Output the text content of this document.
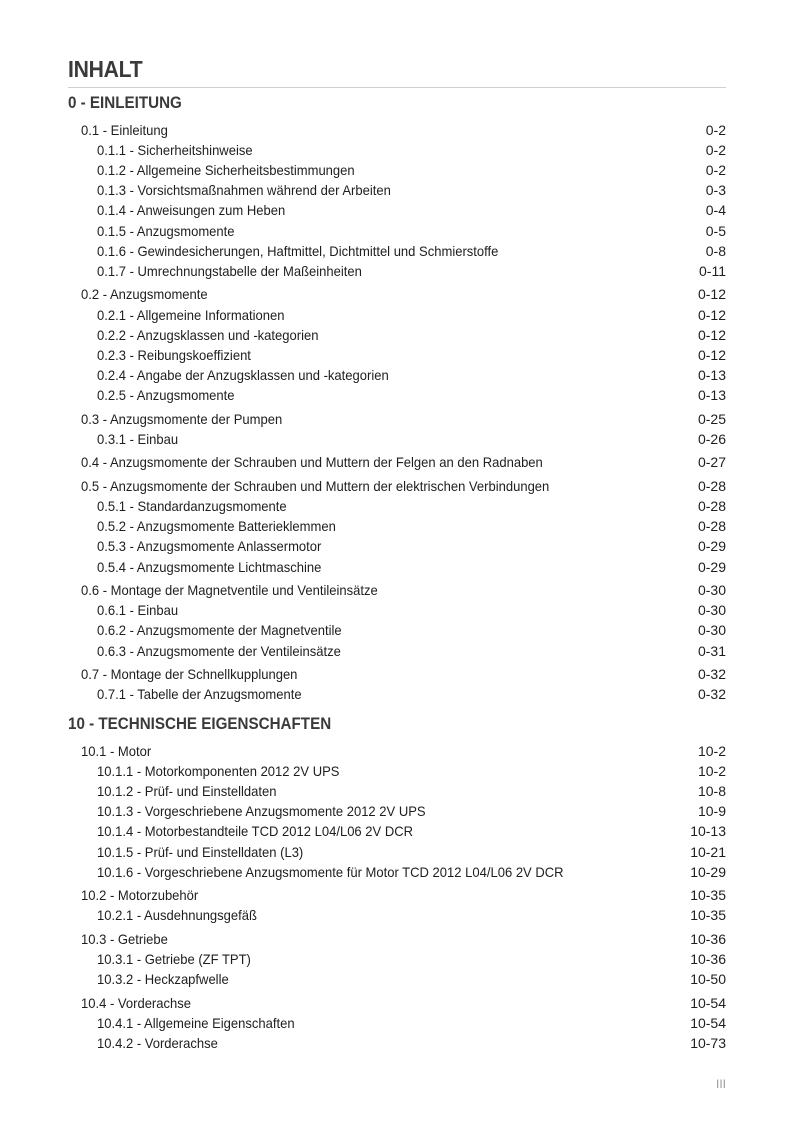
INHALT
0 - EINLEITUNG
0.1 - Einleitung	0-2
0.1.1 - Sicherheitshinweise	0-2
0.1.2 - Allgemeine Sicherheitsbestimmungen	0-2
0.1.3 - Vorsichtsmaßnahmen während der Arbeiten	0-3
0.1.4 - Anweisungen zum Heben	0-4
0.1.5 - Anzugsmomente	0-5
0.1.6 - Gewindesicherungen, Haftmittel, Dichtmittel und Schmierstoffe	0-8
0.1.7 - Umrechnungstabelle der Maßeinheiten	0-11
0.2 - Anzugsmomente	0-12
0.2.1 - Allgemeine Informationen	0-12
0.2.2 - Anzugsklassen und -kategorien	0-12
0.2.3 - Reibungskoeffizient	0-12
0.2.4 - Angabe der Anzugsklassen und -kategorien	0-13
0.2.5 - Anzugsmomente	0-13
0.3 - Anzugsmomente der Pumpen	0-25
0.3.1 - Einbau	0-26
0.4 - Anzugsmomente der Schrauben und Muttern der Felgen an den Radnaben	0-27
0.5 - Anzugsmomente der Schrauben und Muttern der elektrischen Verbindungen	0-28
0.5.1 - Standardanzugsmomente	0-28
0.5.2 - Anzugsmomente Batterieklemmen	0-28
0.5.3 - Anzugsmomente Anlassermotor	0-29
0.5.4 - Anzugsmomente Lichtmaschine	0-29
0.6 - Montage der Magnetventile und Ventileinsätze	0-30
0.6.1 - Einbau	0-30
0.6.2 - Anzugsmomente der Magnetventile	0-30
0.6.3 - Anzugsmomente der Ventileinsätze	0-31
0.7 - Montage der Schnellkupplungen	0-32
0.7.1 - Tabelle der Anzugsmomente	0-32
10 - TECHNISCHE EIGENSCHAFTEN
10.1 - Motor	10-2
10.1.1 - Motorkomponenten 2012 2V UPS	10-2
10.1.2 - Prüf- und Einstelldaten	10-8
10.1.3 - Vorgeschriebene Anzugsmomente 2012 2V UPS	10-9
10.1.4 - Motorbestandteile TCD 2012 L04/L06 2V DCR	10-13
10.1.5 - Prüf- und Einstelldaten (L3)	10-21
10.1.6 - Vorgeschriebene Anzugsmomente für Motor TCD 2012 L04/L06 2V DCR	10-29
10.2 - Motorzubehör	10-35
10.2.1 - Ausdehnungsgefäß	10-35
10.3 - Getriebe	10-36
10.3.1 - Getriebe (ZF TPT)	10-36
10.3.2 - Heckzapfwelle	10-50
10.4 - Vorderachse	10-54
10.4.1 - Allgemeine Eigenschaften	10-54
10.4.2 - Vorderachse	10-73
III
